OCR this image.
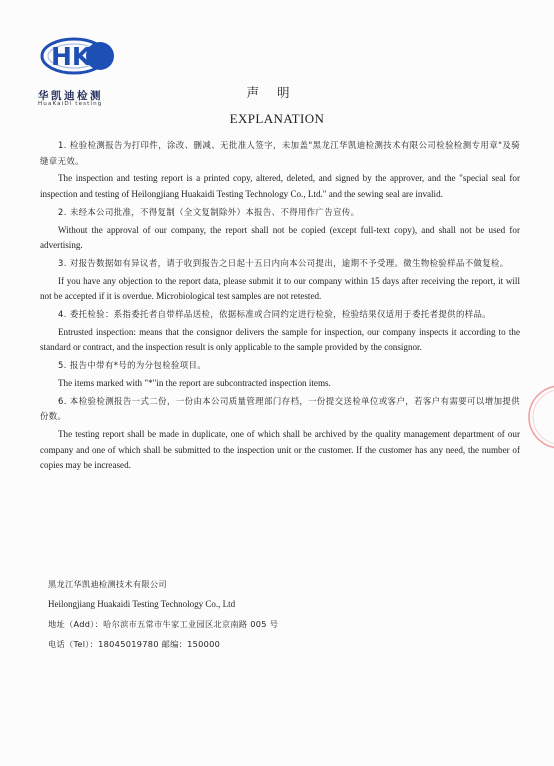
HK
华凯迪检测
HuaKaiDi testing
声明
EXPLANATION

1. 检验检测报告为打印件，涂改、删减、无批准人签字，未加盖"黑龙江华凯迪检测技术有限公司检验检测专用章"及骑缝章无效。

The inspection and testing report is a printed copy, altered, deleted, and signed by the approver, and the "special seal for inspection and testing of Heilongjiang Huakaidi Testing Technology Co., Ltd." and the sewing seal are invalid.

2. 未经本公司批准，不得复制（全文复制除外）本报告、不得用作广告宣传。

Without the approval of our company, the report shall not be copied (except full-text copy), and shall not be used for advertising.

3. 对报告数据如有异议者，请于收到报告之日起十五日内向本公司提出，逾期不予受理。微生物检验样品不做复检。

If you have any objection to the report data, please submit it to our company within 15 days after receiving the report, it will not be accepted if it is overdue. Microbiological test samples are not retested.

4. 委托检验：系指委托者自带样品送检，依据标准或合同约定进行检验，检验结果仅适用于委托者提供的样品。

Entrusted inspection: means that the consignor delivers the sample for inspection, our company inspects it according to the standard or contract, and the inspection result is only applicable to the sample provided by the consignor.

5. 报告中带有*号的为分包检验项目。

The items marked with "*"in the report are subcontracted inspection items.

6. 本检验检测报告一式二份，一份由本公司质量管理部门存档，一份提交送检单位或客户，若客户有需要可以增加提供份数。

The testing report shall be made in duplicate, one of which shall be archived by the quality management department of our company and one of which shall be submitted to the inspection unit or the customer. If the customer has any need, the number of copies may be increased.

黑龙江华凯迪检测技术有限公司
Heilongjiang Huakaidi Testing Technology Co., Ltd
地址（Add）：哈尔滨市五常市牛家工业园区北京南路 005 号
电话（Tel）：18045019780 邮编：150000
